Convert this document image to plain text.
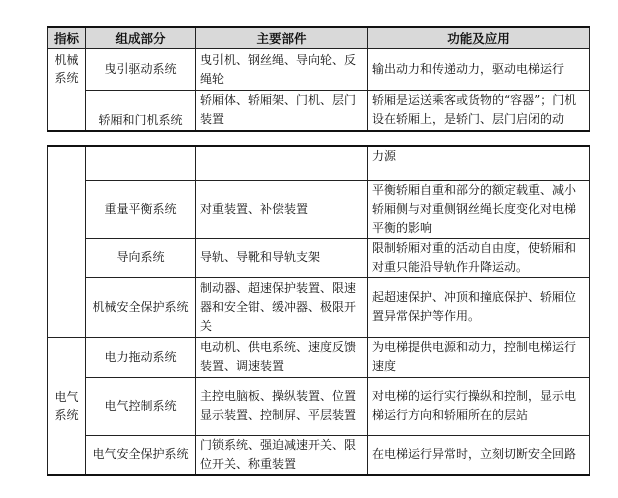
指标	组成部分	主要部件	功能及应用
机械系统	曳引驱动系统	曳引机、钢丝绳、导向轮、反绳轮	输出动力和传递动力，驱动电梯运行
	轿厢和门机系统	轿厢体、轿厢架、门机、层门装置	轿厢是运送乘客或货物的“容器”；门机设在轿厢上，是轿门、层门启闭的动
			力源
	重量平衡系统	对重装置、补偿装置	平衡轿厢自重和部分的额定载重、减小轿厢侧与对重侧钢丝绳长度变化对电梯平衡的影响
	导向系统	导轨、导靴和导轨支架	限制轿厢对重的活动自由度，使轿厢和对重只能沿导轨作升降运动。
	机械安全保护系统	制动器、超速保护装置、限速器和安全钳、缓冲器、极限开关	起超速保护、冲顶和撞底保护、轿厢位置异常保护等作用。
电气系统	电力拖动系统	电动机、供电系统、速度反馈装置、调速装置	为电梯提供电源和动力，控制电梯运行速度
	电气控制系统	主控电脑板、操纵装置、位置显示装置、控制屏、平层装置	对电梯的运行实行操纵和控制，显示电梯运行方向和轿厢所在的层站
	电气安全保护系统	门锁系统、强迫减速开关、限位开关、称重装置	在电梯运行异常时，立刻切断安全回路
